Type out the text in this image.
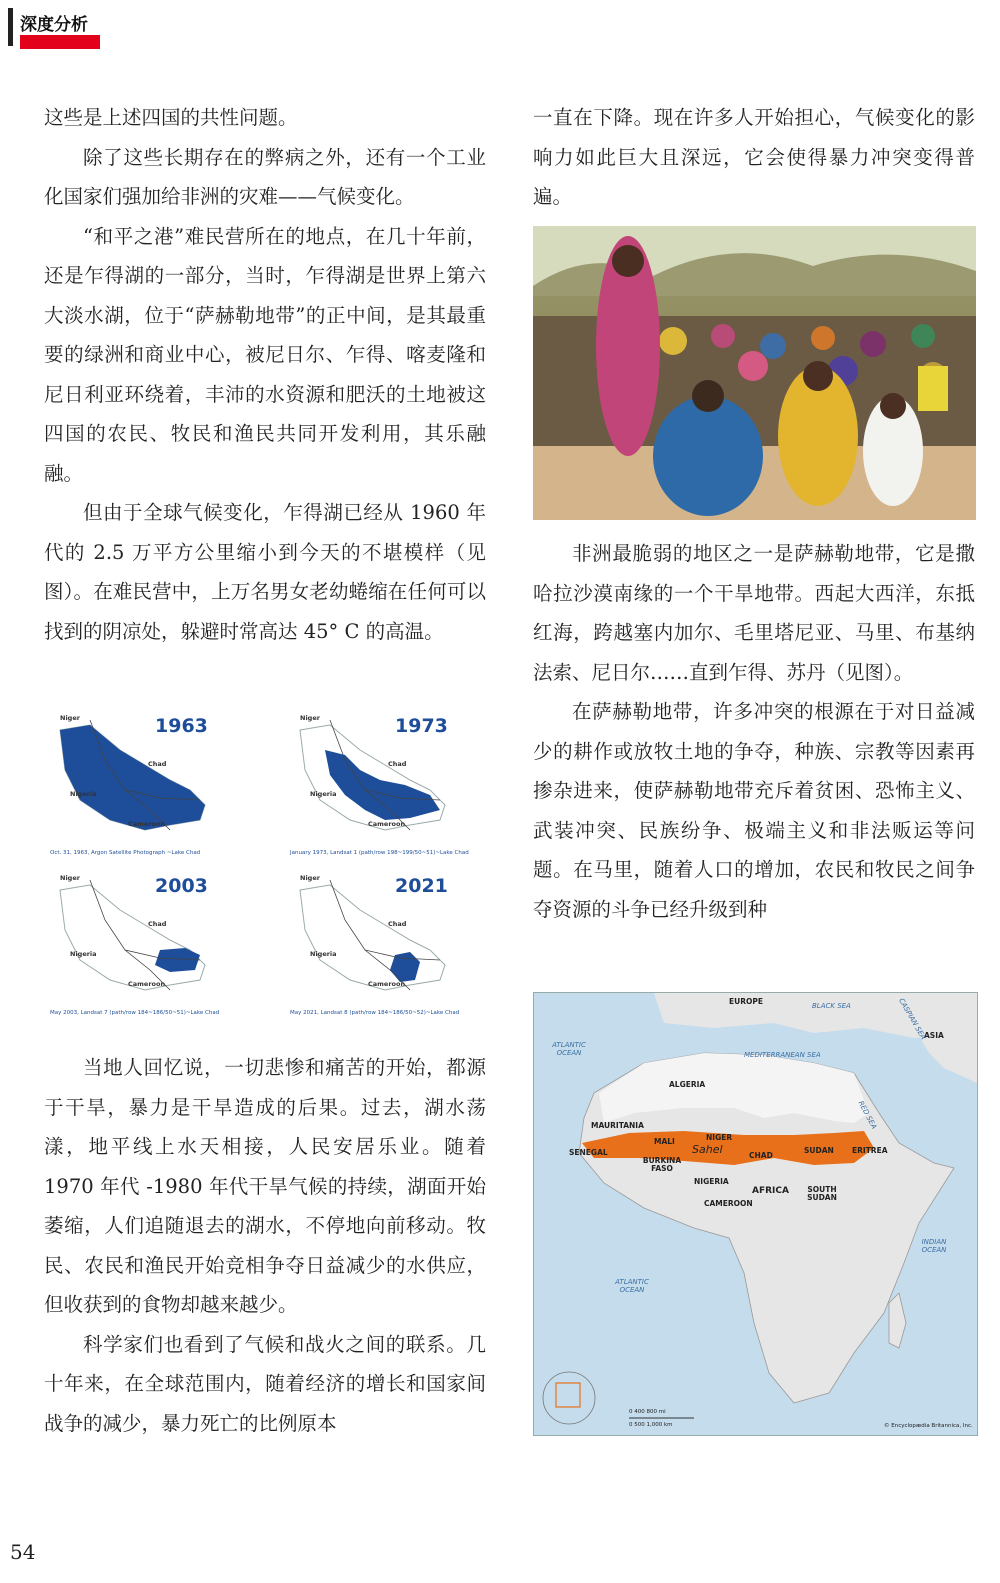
深度分析

这些是上述四国的共性问题。

除了这些长期存在的弊病之外，还有一个工业化国家们强加给非洲的灾难——气候变化。

“和平之港”难民营所在的地点，在几十年前，还是乍得湖的一部分，当时，乍得湖是世界上第六大淡水湖，位于“萨赫勒地带”的正中间，是其最重要的绿洲和商业中心，被尼日尔、乍得、喀麦隆和尼日利亚环绕着，丰沛的水资源和肥沃的土地被这四国的农民、牧民和渔民共同开发利用，其乐融融。

但由于全球气候变化，乍得湖已经从 1960 年代的 2.5 万平方公里缩小到今天的不堪模样（见图）。在难民营中，上万名男女老幼蜷缩在任何可以找到的阴凉处，躲避时常高达 45° C 的高温。

当地人回忆说，一切悲惨和痛苦的开始，都源于干旱，暴力是干旱造成的后果。过去，湖水荡漾，地平线上水天相接，人民安居乐业。随着 1970 年代 -1980 年代干旱气候的持续，湖面开始萎缩，人们追随退去的湖水，不停地向前移动。牧民、农民和渔民开始竞相争夺日益减少的水供应，但收获到的食物却越来越少。

科学家们也看到了气候和战火之间的联系。几十年来，在全球范围内，随着经济的增长和国家间战争的减少，暴力死亡的比例原本

一直在下降。现在许多人开始担心，气候变化的影响力如此巨大且深远，它会使得暴力冲突变得普遍。

非洲最脆弱的地区之一是萨赫勒地带，它是撒哈拉沙漠南缘的一个干旱地带。西起大西洋，东抵红海，跨越塞内加尔、毛里塔尼亚、马里、布基纳法索、尼日尔……直到乍得、苏丹（见图）。

在萨赫勒地带，许多冲突的根源在于对日益减少的耕作或放牧土地的争夺，种族、宗教等因素再掺杂进来，使萨赫勒地带充斥着贫困、恐怖主义、武装冲突、民族纷争、极端主义和非法贩运等问题。在马里，随着人口的增加，农民和牧民之间争夺资源的斗争已经升级到种

1963
Niger
Chad
Nigeria
Cameroon
Oct. 31, 1963, Argon Satellite Photograph ~Lake Chad
1973
Niger
Chad
Nigeria
Cameroon
January 1973, Landsat 1 (path/row 198~199/50~51)~Lake Chad
2003
Niger
Chad
Nigeria
Cameroon
May 2003, Landsat 7 (path/row 184~186/50~51)~Lake Chad
2021
Niger
Chad
Nigeria
Cameroon
May 2021, Landsat 8 (path/row 184~186/50~52)~Lake Chad
EUROPE
ASIA
BLACK SEA	CASPIAN SEA
ATLANTIC OCEAN	MEDITERRANEAN SEA
RED SEA
INDIAN OCEAN
ATLANTIC OCEAN
ALGERIA
MAURITANIA
MALI	NIGER
SENEGAL	Sahel	CHAD
SUDAN ERITREA
BURKINA FASO
NIGERIA
CAMEROON
AFRICA	SOUTH SUDAN
0 400 800 mi
0 500 1,000 km	© Encyclopædia Britannica, Inc.
54
